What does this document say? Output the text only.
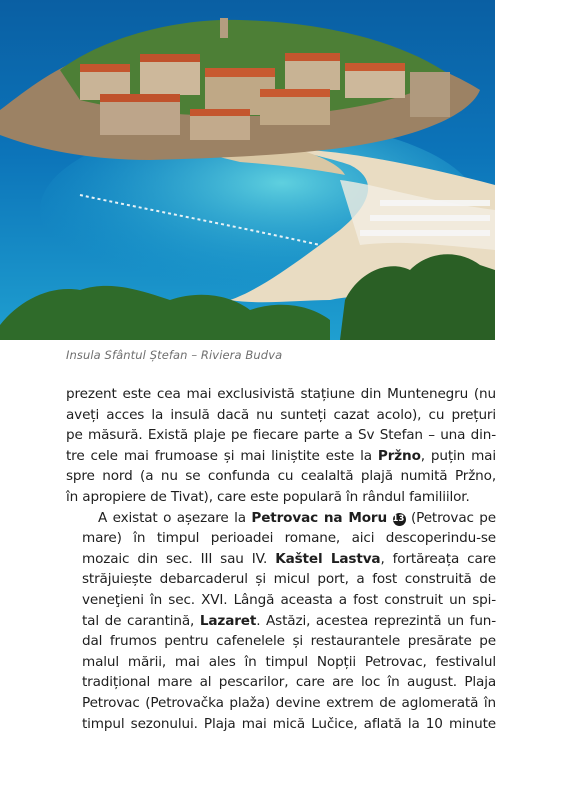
Insula Sfântul Ștefan – Riviera Budva
prezent este cea mai exclusivistă stațiune din Muntenegru (nu
aveți acces la insulă dacă nu sunteți cazat acolo), cu prețuri
pe măsură. Există plaje pe fiecare parte a Sv Stefan – una din-
tre cele mai frumoase și mai liniștite este la Pržno, puțin mai
spre nord (a nu se confunda cu cealaltă plajă numită Pržno,
în apropiere de Tivat), care este populară în rândul familiilor.
A existat o așezare la Petrovac na Moru 13 (Petrovac pe
mare) în timpul perioadei romane, aici descoperindu-se
mozaic din sec. III sau IV. Kaštel Lastva, fortăreața care
străjuiește debarcaderul și micul port, a fost construită de
veneţieni în sec. XVI. Lângă aceasta a fost construit un spi-
tal de carantină, Lazaret. Astăzi, acestea reprezintă un fun-
dal frumos pentru cafenelele și restaurantele presărate pe
malul mării, mai ales în timpul Nopții Petrovac, festivalul
tradițional mare al pescarilor, care are loc în august. Plaja
Petrovac (Petrovačka plaža) devine extrem de aglomerată în
timpul sezonului. Plaja mai mică Lučice, aflată la 10 minute
